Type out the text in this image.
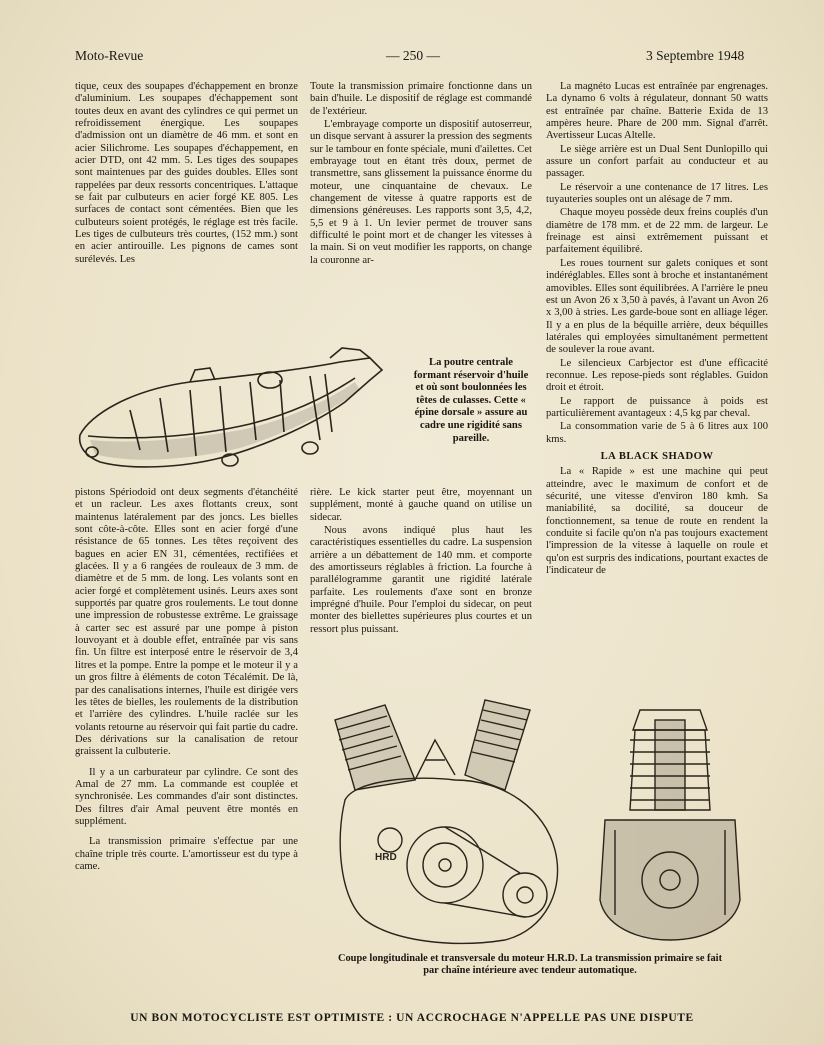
Moto-Revue	— 250 —	3 Septembre 1948

tique, ceux des soupapes d'échappement en bronze d'aluminium. Les soupapes d'échappement sont toutes deux en avant des cylindres ce qui permet un refroidissement énergique. Les soupapes d'admission ont un diamètre de 46 mm. et sont en acier Silichrome. Les soupapes d'échappement, en acier DTD, ont 42 mm. 5. Les tiges des soupapes sont maintenues par des guides doubles. Elles sont rappelées par deux ressorts concentriques. L'attaque se fait par culbuteurs en acier forgé KE 805. Les surfaces de contact sont cémentées. Bien que les culbuteurs soient protégés, le réglage est très facile. Les tiges de culbuteurs très courtes, (152 mm.) sont en acier antirouille. Les pignons de cames sont surélevés. Les

Toute la transmission primaire fonctionne dans un bain d'huile. Le dispositif de réglage est commandé de l'extérieur.

L'embrayage comporte un dispositif autoserreur, un disque servant à assurer la pression des segments sur le tambour en fonte spéciale, muni d'ailettes. Cet embrayage tout en étant très doux, permet de transmettre, sans glissement la puissance énorme du moteur, une cinquantaine de chevaux. Le changement de vitesse à quatre rapports est de dimensions généreuses. Les rapports sont 3,5, 4,2, 5,5 et 9 à 1. Un levier permet de trouver sans difficulté le point mort et de changer les vitesses à la main. Si on veut modifier les rapports, on change la couronne ar-

La magnéto Lucas est entraînée par engrenages. La dynamo 6 volts à régulateur, donnant 50 watts est entraînée par chaîne. Batterie Exida de 13 ampères heure. Phare de 200 mm. Signal d'arrêt. Avertisseur Lucas Altelle.

Le siège arrière est un Dual Sent Dunlopillo qui assure un confort parfait au conducteur et au passager.

Le réservoir a une contenance de 17 litres. Les tuyauteries souples ont un alésage de 7 mm.

Chaque moyeu possède deux freins couplés d'un diamètre de 178 mm. et de 22 mm. de largeur. Le freinage est ainsi extrêmement puissant et parfaitement équilibré.

Les roues tournent sur galets coniques et sont indéréglables. Elles sont à broche et instantanément amovibles. Elles sont équilibrées. A l'arrière le pneu est un Avon 26 x 3,50 à pavés, à l'avant un Avon 26 x 3,00 à stries. Les garde-boue sont en alliage léger. Il y a en plus de la béquille arrière, deux béquilles latérales qui employées simultanément permettent de soulever la roue avant.

Le silencieux Carbjector est d'une efficacité reconnue. Les repose-pieds sont réglables. Guidon droit et étroit.

Le rapport de puissance à poids est particulièrement avantageux : 4,5 kg par cheval.

La consommation varie de 5 à 6 litres aux 100 kms.

LA BLACK SHADOW

La « Rapide » est une machine qui peut atteindre, avec le maximum de confort et de sécurité, une vitesse d'environ 180 kmh. Sa maniabilité, sa docilité, sa douceur de fonctionnement, sa tenue de route en rendent la conduite si facile qu'on n'a pas toujours exactement l'impression de la vitesse à laquelle on roule et qu'on est surpris des indications, pourtant exactes de l'indicateur de

La poutre centrale formant réservoir d'huile et où sont boulonnées les têtes de culasses. Cette « épine dorsale » assure au cadre une rigidité sans pareille.

pistons Spériodoid ont deux segments d'étanchéité et un racleur. Les axes flottants creux, sont maintenus latéralement par des joncs. Les bielles sont côte-à-côte. Elles sont en acier forgé d'une résistance de 65 tonnes. Les têtes reçoivent des bagues en acier EN 31, cémentées, rectifiées et glacées. Il y a 6 rangées de rouleaux de 3 mm. de diamètre et de 5 mm. de long. Les volants sont en acier forgé et complètement usinés. Leurs axes sont supportés par quatre gros roulements. Le tout donne une impression de robustesse extrême. Le graissage à carter sec est assuré par une pompe à piston louvoyant et à double effet, entraînée par vis sans fin. Un filtre est interposé entre le réservoir de 3,4 litres et la pompe. Entre la pompe et le moteur il y a un gros filtre à éléments de coton Técalémit. De là, par des canalisations internes, l'huile est dirigée vers les têtes de bielles, les roulements de la distribution et l'arrière des cylindres. L'huile raclée sur les volants retourne au réservoir qui fait partie du cadre. Des dérivations sur la canalisation de retour graissent la culbuterie.

Il y a un carburateur par cylindre. Ce sont des Amal de 27 mm. La commande est couplée et synchronisée. Les commandes d'air sont distinctes. Des filtres d'air Amal peuvent être montés en supplément.

La transmission primaire s'effectue par une chaîne triple très courte. L'amortisseur est du type à came.

rière. Le kick starter peut être, moyennant un supplément, monté à gauche quand on utilise un sidecar.

Nous avons indiqué plus haut les caractéristiques essentielles du cadre. La suspension arrière a un débattement de 140 mm. et comporte des amortisseurs réglables à friction. La fourche à parallélogramme garantit une rigidité latérale parfaite. Les roulements d'axe sont en bronze imprégné d'huile. Pour l'emploi du sidecar, on peut monter des biellettes supérieures plus courtes et un ressort plus puissant.

HRD
Coupe longitudinale et transversale du moteur H.R.D. La transmission primaire se fait par chaîne intérieure avec tendeur automatique.
UN BON MOTOCYCLISTE EST OPTIMISTE : UN ACCROCHAGE N'APPELLE PAS UNE DISPUTE
